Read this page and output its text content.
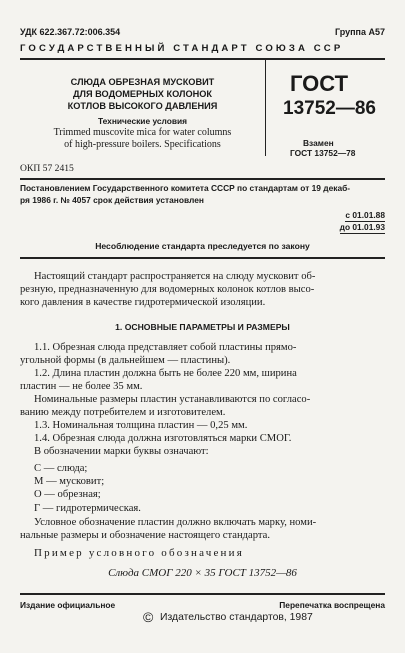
УДК 622.367.72:006.354	Группа А57
ГОСУДАРСТВЕННЫЙ СТАНДАРТ СОЮЗА ССР
СЛЮДА ОБРЕЗНАЯ МУСКОВИТ
ДЛЯ ВОДОМЕРНЫХ КОЛОНОК
КОТЛОВ ВЫСОКОГО ДАВЛЕНИЯ
Технические условия
Trimmed muscovite mica for water columns
of high-pressure boilers. Specifications
ГОСТ
13752—86
Взамен
ГОСТ 13752—78
ОКП 57 2415
Постановлением Государственного комитета СССР по стандартам от 19 декаб-
ря 1986 г. № 4057 срок действия установлен
с 01.01.88
до 01.01.93
Несоблюдение стандарта преследуется по закону
Настоящий стандарт распространяется на слюду мусковит об-
резную, предназначенную для водомерных колонок котлов высо-
кого давления в качестве гидротермической изоляции.
1. ОСНОВНЫЕ ПАРАМЕТРЫ И РАЗМЕРЫ
1.1. Обрезная слюда представляет собой пластины прямо-
угольной формы (в дальнейшем — пластины).
1.2. Длина пластин должна быть не более 220 мм, ширина
пластин — не более 35 мм.
Номинальные размеры пластин устанавливаются по согласо-
ванию между потребителем и изготовителем.
1.3. Номинальная толщина пластин — 0,25 мм.
1.4. Обрезная слюда должна изготовляться марки СМОГ.
В обозначении марки буквы означают:
С — слюда;
М — мусковит;
О — обрезная;
Г — гидротермическая.
Условное обозначение пластин должно включать марку, номи-
нальные размеры и обозначение настоящего стандарта.
Пример условного обозначения
Слюда СМОГ 220 × 35 ГОСТ 13752—86
Издание официальное	Перепечатка воспрещена
© Издательство стандартов, 1987
